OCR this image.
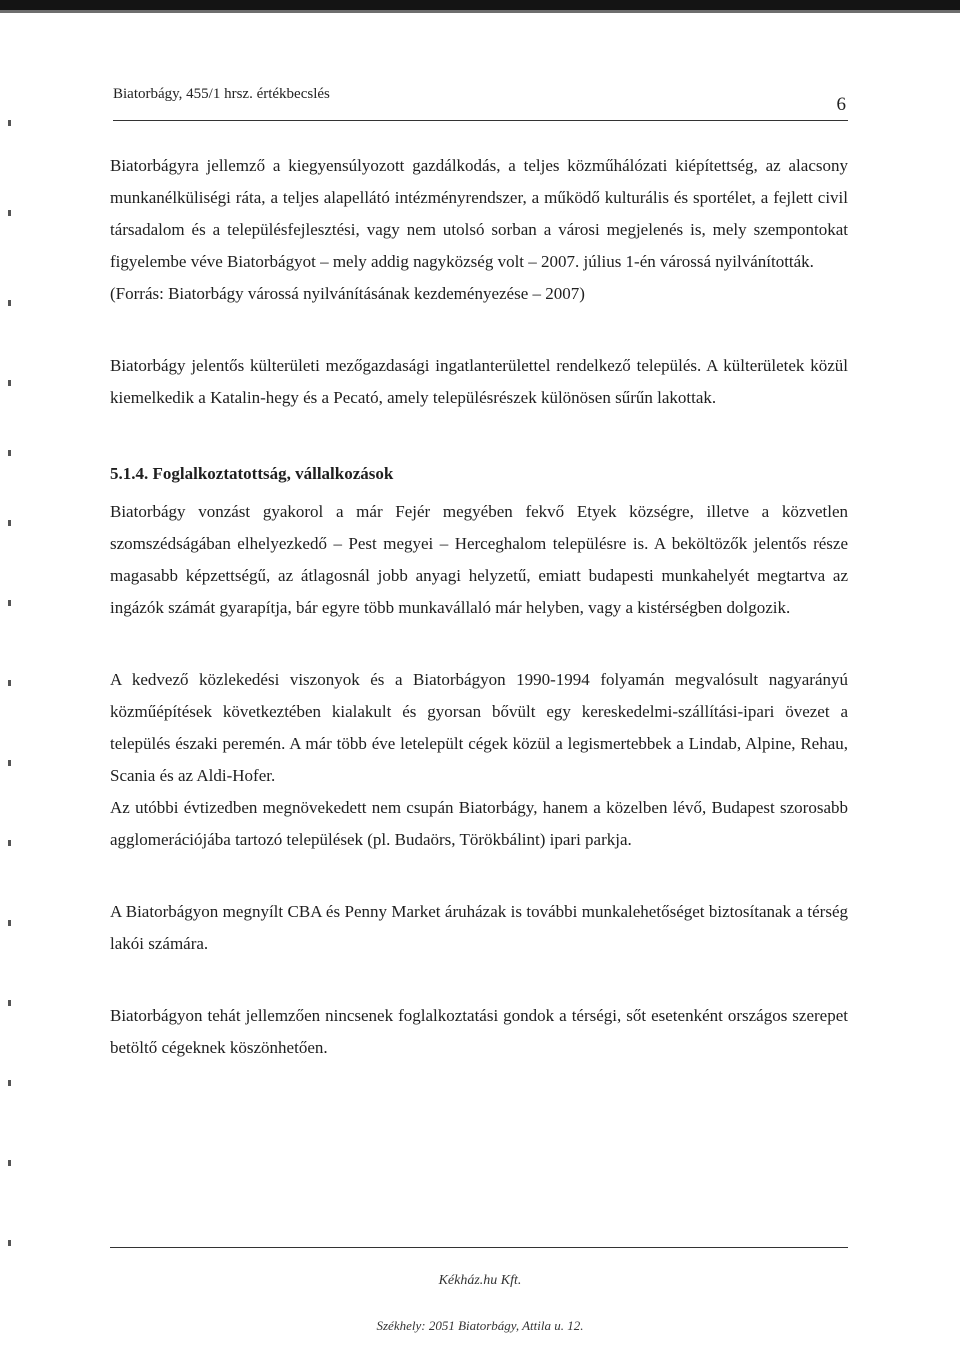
Biatorbágy, 455/1 hrsz. értékbecslés	6

Biatorbágyra jellemző a kiegyensúlyozott gazdálkodás, a teljes közműhálózati kiépítettség, az alacsony munkanélküliségi ráta, a teljes alapellátó intézményrendszer, a működő kulturális és sportélet, a fejlett civil társadalom és a településfejlesztési, vagy nem utolsó sorban a városi megjelenés is, mely szempontokat figyelembe véve Biatorbágyot – mely addig nagyközség volt – 2007. július 1-én várossá nyilvánították.

(Forrás: Biatorbágy várossá nyilvánításának kezdeményezése – 2007)

Biatorbágy jelentős külterületi mezőgazdasági ingatlanterülettel rendelkező település. A külterületek közül kiemelkedik a Katalin-hegy és a Pecató, amely településrészek különösen sűrűn lakottak.

5.1.4. Foglalkoztatottság, vállalkozások

Biatorbágy vonzást gyakorol a már Fejér megyében fekvő Etyek községre, illetve a közvetlen szomszédságában elhelyezkedő – Pest megyei – Herceghalom településre is. A beköltözők jelentős része magasabb képzettségű, az átlagosnál jobb anyagi helyzetű, emiatt budapesti munkahelyét megtartva az ingázók számát gyarapítja, bár egyre több munkavállaló már helyben, vagy a kistérségben dolgozik.

A kedvező közlekedési viszonyok és a Biatorbágyon 1990-1994 folyamán megvalósult nagyarányú közműépítések következtében kialakult és gyorsan bővült egy kereskedelmi-szállítási-ipari övezet a település északi peremén. A már több éve letelepült cégek közül a legismertebbek a Lindab, Alpine, Rehau, Scania és az Aldi-Hofer.

Az utóbbi évtizedben megnövekedett nem csupán Biatorbágy, hanem a közelben lévő, Budapest szorosabb agglomerációjába tartozó települések (pl. Budaörs, Törökbálint) ipari parkja.

A Biatorbágyon megnyílt CBA és Penny Market áruházak is további munkalehetőséget biztosítanak a térség lakói számára.

Biatorbágyon tehát jellemzően nincsenek foglalkoztatási gondok a térségi, sőt esetenként országos szerepet betöltő cégeknek köszönhetően.

Kékház.hu Kft.
Székhely: 2051 Biatorbágy, Attila u. 12.
